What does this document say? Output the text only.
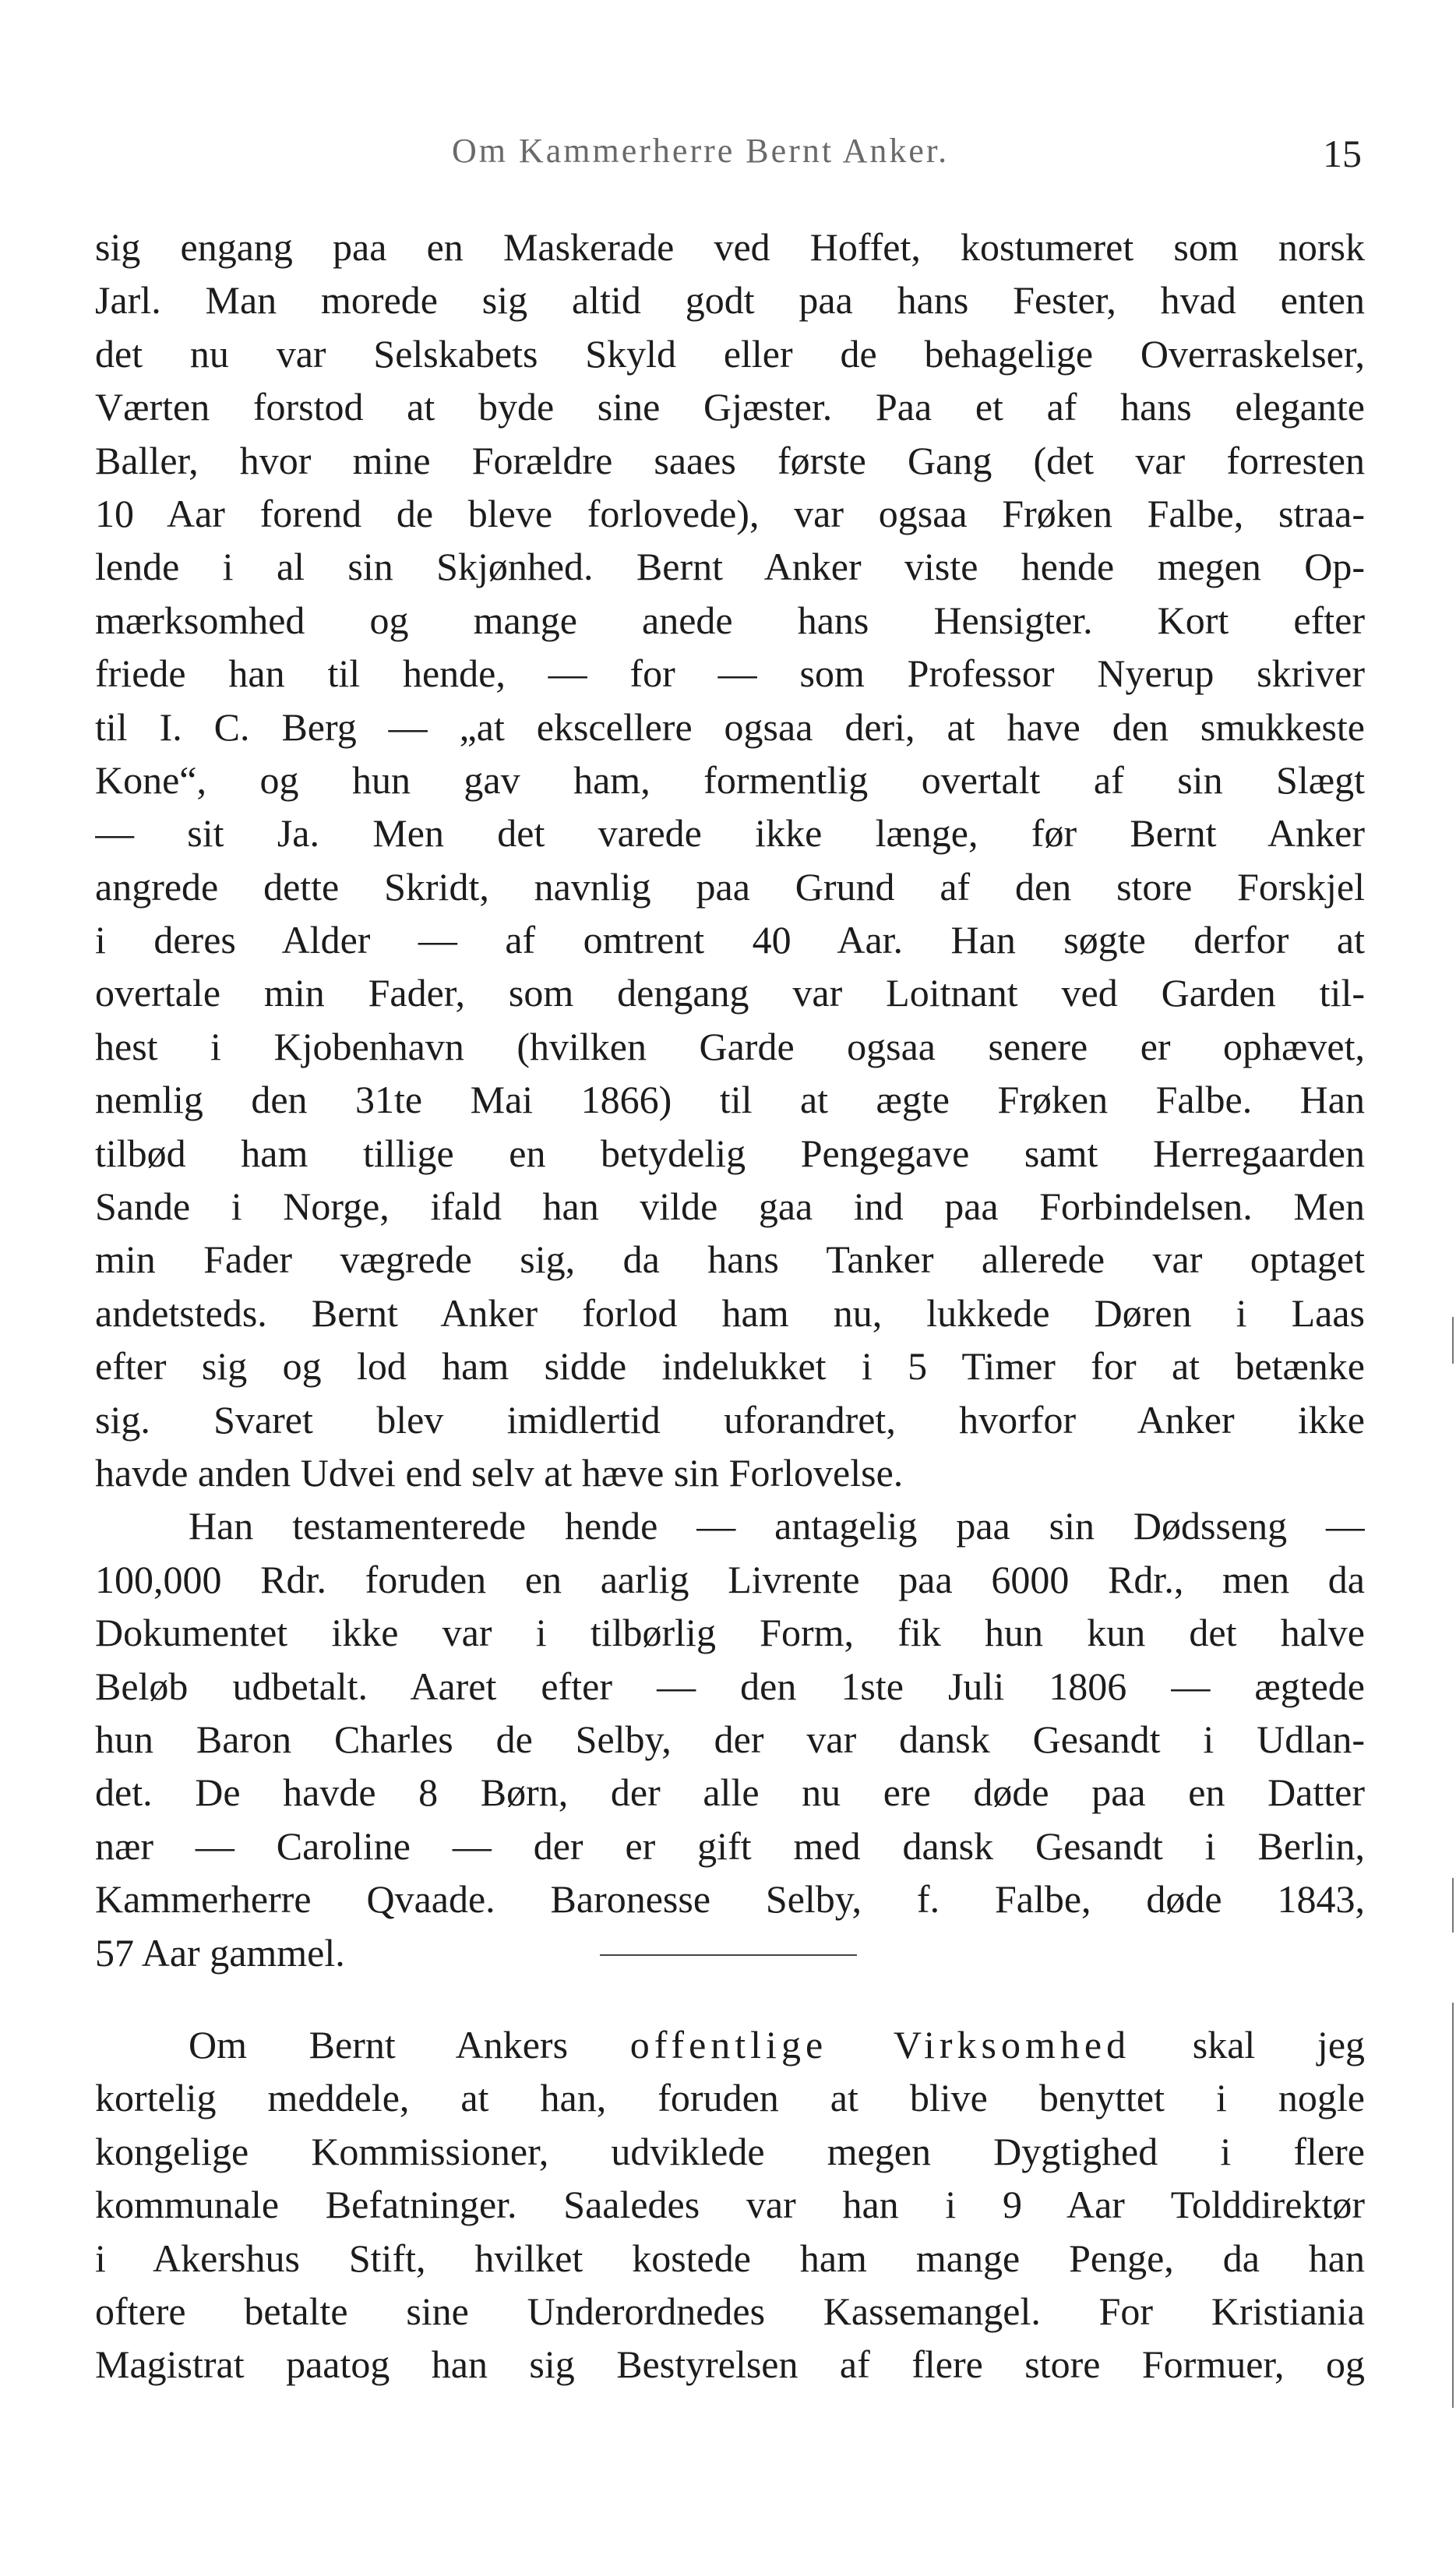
Om Kammerherre Bernt Anker.	15
sig engang paa en Maskerade ved Hoffet, kostumeret som norsk
Jarl. Man morede sig altid godt paa hans Fester, hvad enten
det nu var Selskabets Skyld eller de behagelige Overraskelser,
Værten forstod at byde sine Gjæster. Paa et af hans elegante
Baller, hvor mine Forældre saaes første Gang (det var forresten
10 Aar forend de bleve forlovede), var ogsaa Frøken Falbe, straa-
lende i al sin Skjønhed. Bernt Anker viste hende megen Op-
mærksomhed og mange anede hans Hensigter. Kort efter
friede han til hende, — for — som Professor Nyerup skriver
til I. C. Berg — „at ekscellere ogsaa deri, at have den smukkeste
Kone“, og hun gav ham, formentlig overtalt af sin Slægt
— sit Ja. Men det varede ikke længe, før Bernt Anker
angrede dette Skridt, navnlig paa Grund af den store Forskjel
i deres Alder — af omtrent 40 Aar. Han søgte derfor at
overtale min Fader, som dengang var Loitnant ved Garden til-
hest i Kjobenhavn (hvilken Garde ogsaa senere er ophævet,
nemlig den 31te Mai 1866) til at ægte Frøken Falbe. Han
tilbød ham tillige en betydelig Pengegave samt Herregaarden
Sande i Norge, ifald han vilde gaa ind paa Forbindelsen. Men
min Fader vægrede sig, da hans Tanker allerede var optaget
andetsteds. Bernt Anker forlod ham nu, lukkede Døren i Laas
efter sig og lod ham sidde indelukket i 5 Timer for at betænke
sig. Svaret blev imidlertid uforandret, hvorfor Anker ikke
havde anden Udvei end selv at hæve sin Forlovelse.
Han testamenterede hende — antagelig paa sin Dødsseng —
100,000 Rdr. foruden en aarlig Livrente paa 6000 Rdr., men da
Dokumentet ikke var i tilbørlig Form, fik hun kun det halve
Beløb udbetalt. Aaret efter — den 1ste Juli 1806 — ægtede
hun Baron Charles de Selby, der var dansk Gesandt i Udlan-
det. De havde 8 Børn, der alle nu ere døde paa en Datter
nær — Caroline — der er gift med dansk Gesandt i Berlin,
Kammerherre Qvaade. Baronesse Selby, f. Falbe, døde 1843,
57 Aar gammel.
Om Bernt Ankers offentlige Virksomhed skal jeg
kortelig meddele, at han, foruden at blive benyttet i nogle
kongelige Kommissioner, udviklede megen Dygtighed i flere
kommunale Befatninger. Saaledes var han i 9 Aar Tolddirektør
i Akershus Stift, hvilket kostede ham mange Penge, da han
oftere betalte sine Underordnedes Kassemangel. For Kristiania
Magistrat paatog han sig Bestyrelsen af flere store Formuer, og
